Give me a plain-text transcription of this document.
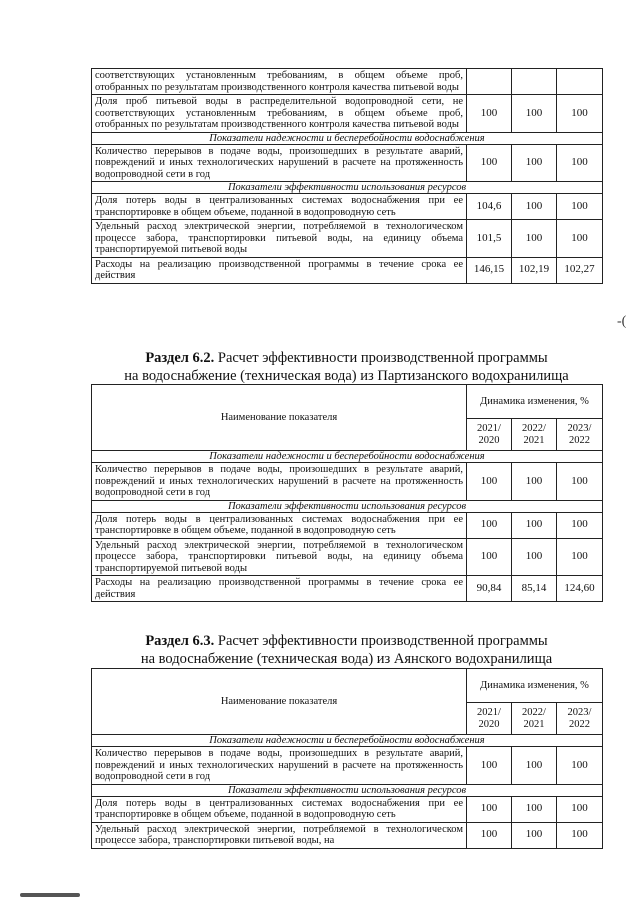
соответствующих установленным требованиям, в общем объеме проб, отобранных по результатам производственного контроля качества питьевой воды			
Доля проб питьевой воды в распределительной водопроводной сети, не соответствующих установленным требованиям, в общем объеме проб, отобранных по результатам производственного контроля качества питьевой воды	100	100	100
Показатели надежности и бесперебойности водоснабжения			
Количество перерывов в подаче воды, произошедших в результате аварий, повреждений и иных технологических нарушений в расчете на протяженность водопроводной сети в год	100	100	100
Показатели эффективности использования ресурсов			
Доля потерь воды в централизованных системах водоснабжения при ее транспортировке в общем объеме, поданной в водопроводную сеть	104,6	100	100
Удельный расход электрической энергии, потребляемой в технологическом процессе забора, транспортировки питьевой воды, на единицу объема транспортируемой питьевой воды	101,5	100	100
Расходы на реализацию производственной программы в течение срока ее действия	146,15	102,19	102,27
-(
Раздел 6.2. Расчет эффективности производственной программы
на водоснабжение (техническая вода) из Партизанского водохранилища
Наименование показателя	Динамика изменения, %		
	2021/ 2020	2022/ 2021	2023/ 2022
Показатели надежности и бесперебойности водоснабжения			
Количество перерывов в подаче воды, произошедших в результате аварий, повреждений и иных технологических нарушений в расчете на протяженность водопроводной сети в год	100	100	100
Показатели эффективности использования ресурсов			
Доля потерь воды в централизованных системах водоснабжения при ее транспортировке в общем объеме, поданной в водопроводную сеть	100	100	100
Удельный расход электрической энергии, потребляемой в технологическом процессе забора, транспортировки питьевой воды, на единицу объема транспортируемой питьевой воды	100	100	100
Расходы на реализацию производственной программы в течение срока ее действия	90,84	85,14	124,60
Раздел 6.3. Расчет эффективности производственной программы
на водоснабжение (техническая вода) из Аянского водохранилища
Наименование показателя	Динамика изменения, %		
	2021/ 2020	2022/ 2021	2023/ 2022
Показатели надежности и бесперебойности водоснабжения			
Количество перерывов в подаче воды, произошедших в результате аварий, повреждений и иных технологических нарушений в расчете на протяженность водопроводной сети в год	100	100	100
Показатели эффективности использования ресурсов			
Доля потерь воды в централизованных системах водоснабжения при ее транспортировке в общем объеме, поданной в водопроводную сеть	100	100	100
Удельный расход электрической энергии, потребляемой в технологическом процессе забора, транспортировки питьевой воды, на	100	100	100
